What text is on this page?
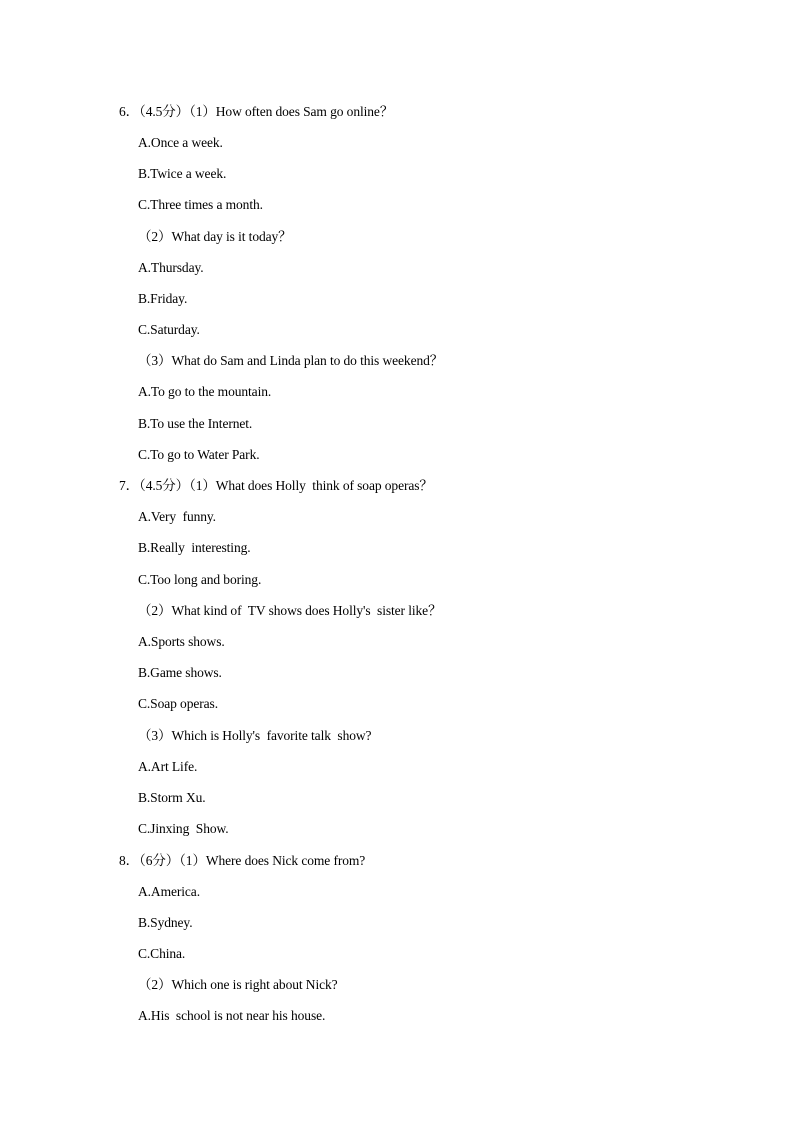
6．（4.5分）（1）How often does Sam go online？
A.Once a week.
B.Twice a week.
C.Three times a month.
（2）What day is it today？
A.Thursday.
B.Friday.
C.Saturday.
（3）What do Sam and Linda plan to do this weekend？
A.To go to the mountain.
B.To use the Internet.
C.To go to Water Park.
7．（4.5分）（1）What does Holly  think of soap operas？
A.Very  funny.
B.Really  interesting.
C.Too long and boring.
（2）What kind of  TV shows does Holly's  sister like？
A.Sports shows.
B.Game shows.
C.Soap operas.
（3）Which is Holly's  favorite talk  show?
A.Art Life.
B.Storm Xu.
C.Jinxing  Show.
8．（6分）（1）Where does Nick come from?
A.America.
B.Sydney.
C.China.
（2）Which one is right about Nick?
A.His  school is not near his house.
